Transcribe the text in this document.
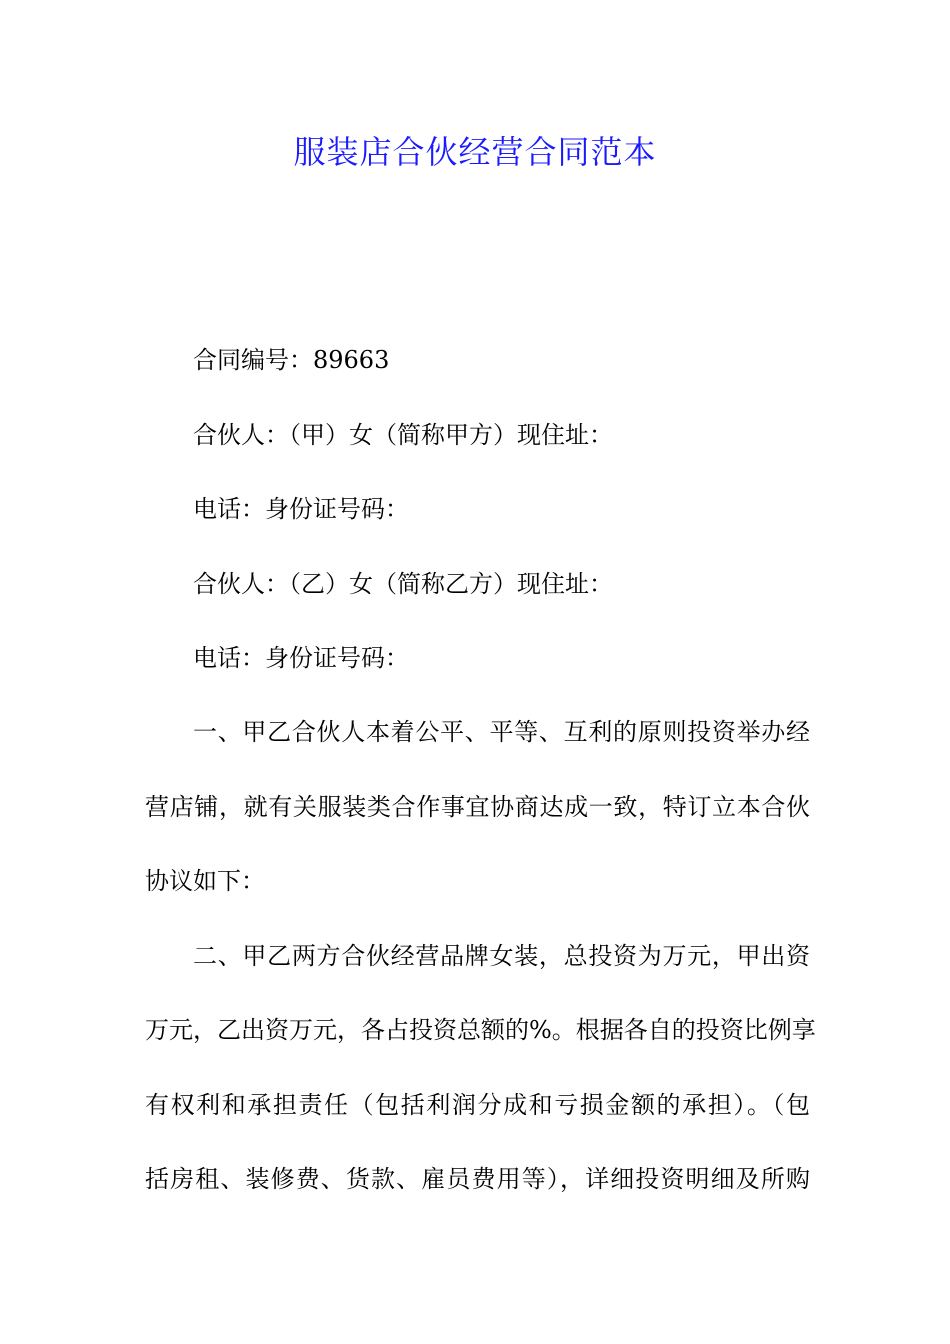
服装店合伙经营合同范本

合同编号：89663

合伙人：（甲）女（简称甲方）现住址：

电话：身份证号码：

合伙人：（乙）女（简称乙方）现住址：

电话：身份证号码：

一、甲乙合伙人本着公平、平等、互利的原则投资举办经

营店铺，就有关服装类合作事宜协商达成一致，特订立本合伙

协议如下：

二、甲乙两方合伙经营品牌女装，总投资为万元，甲出资

万元，乙出资万元，各占投资总额的%。根据各自的投资比例享

有权利和承担责任（包括利润分成和亏损金额的承担）。（包

括房租、装修费、货款、雇员费用等），详细投资明细及所购
